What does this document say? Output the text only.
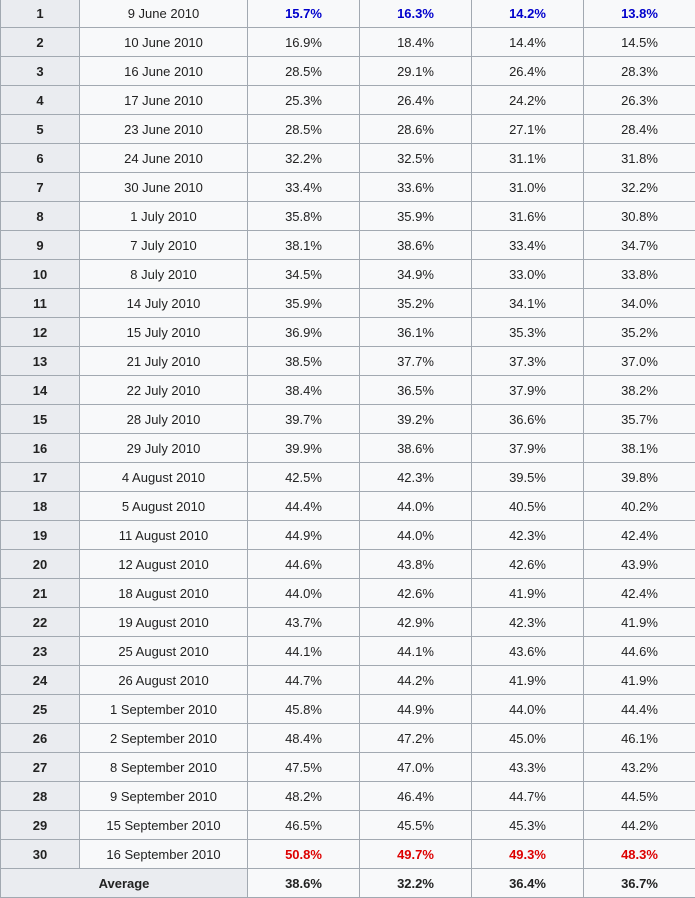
1	9 June 2010	15.7%	16.3%	14.2%	13.8%
2	10 June 2010	16.9%	18.4%	14.4%	14.5%
3	16 June 2010	28.5%	29.1%	26.4%	28.3%
4	17 June 2010	25.3%	26.4%	24.2%	26.3%
5	23 June 2010	28.5%	28.6%	27.1%	28.4%
6	24 June 2010	32.2%	32.5%	31.1%	31.8%
7	30 June 2010	33.4%	33.6%	31.0%	32.2%
8	1 July 2010	35.8%	35.9%	31.6%	30.8%
9	7 July 2010	38.1%	38.6%	33.4%	34.7%
10	8 July 2010	34.5%	34.9%	33.0%	33.8%
11	14 July 2010	35.9%	35.2%	34.1%	34.0%
12	15 July 2010	36.9%	36.1%	35.3%	35.2%
13	21 July 2010	38.5%	37.7%	37.3%	37.0%
14	22 July 2010	38.4%	36.5%	37.9%	38.2%
15	28 July 2010	39.7%	39.2%	36.6%	35.7%
16	29 July 2010	39.9%	38.6%	37.9%	38.1%
17	4 August 2010	42.5%	42.3%	39.5%	39.8%
18	5 August 2010	44.4%	44.0%	40.5%	40.2%
19	11 August 2010	44.9%	44.0%	42.3%	42.4%
20	12 August 2010	44.6%	43.8%	42.6%	43.9%
21	18 August 2010	44.0%	42.6%	41.9%	42.4%
22	19 August 2010	43.7%	42.9%	42.3%	41.9%
23	25 August 2010	44.1%	44.1%	43.6%	44.6%
24	26 August 2010	44.7%	44.2%	41.9%	41.9%
25	1 September 2010	45.8%	44.9%	44.0%	44.4%
26	2 September 2010	48.4%	47.2%	45.0%	46.1%
27	8 September 2010	47.5%	47.0%	43.3%	43.2%
28	9 September 2010	48.2%	46.4%	44.7%	44.5%
29	15 September 2010	46.5%	45.5%	45.3%	44.2%
30	16 September 2010	50.8%	49.7%	49.3%	48.3%
Average		38.6%	32.2%	36.4%	36.7%
